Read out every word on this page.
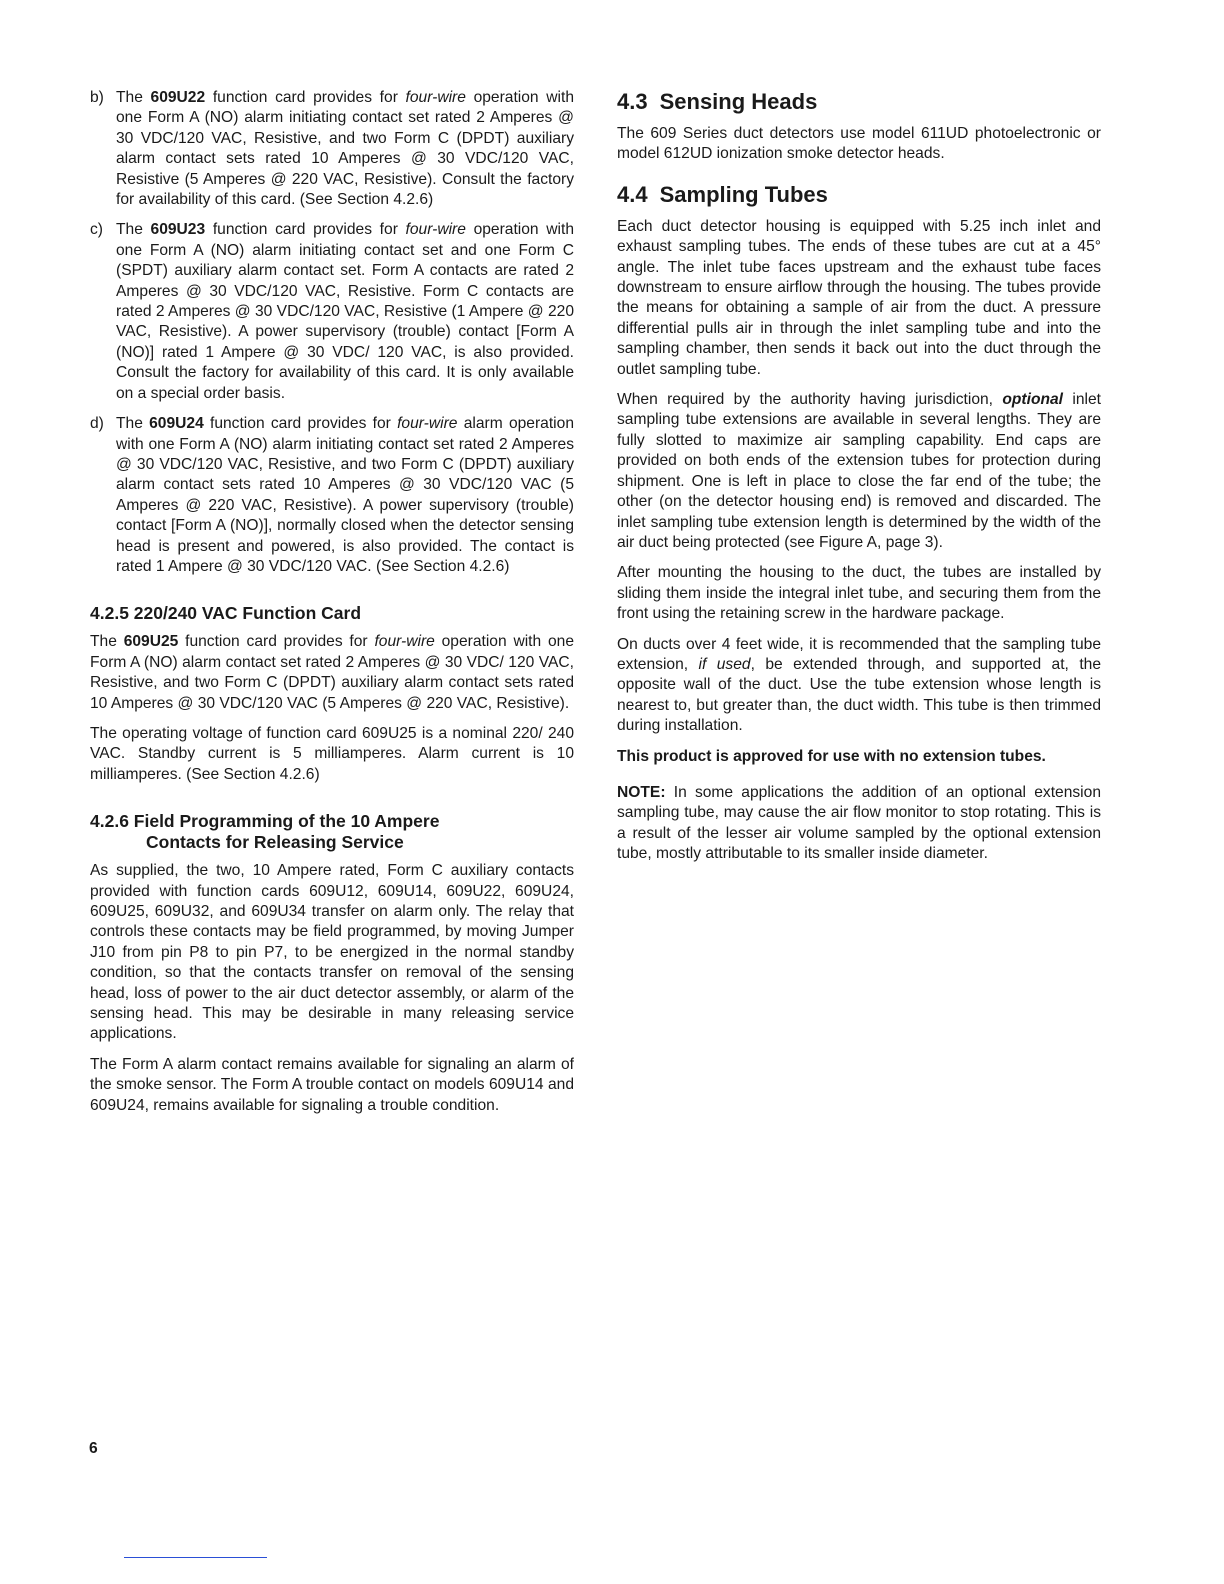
b) The 609U22 function card provides for four-wire operation with one Form A (NO) alarm initiating contact set rated 2 Amperes @ 30 VDC/120 VAC, Resistive, and two Form C (DPDT) auxiliary alarm contact sets rated 10 Amperes @ 30 VDC/120 VAC, Resistive (5 Amperes @ 220 VAC, Resistive). Consult the factory for availability of this card. (See Section 4.2.6)
c) The 609U23 function card provides for four-wire operation with one Form A (NO) alarm initiating contact set and one Form C (SPDT) auxiliary alarm contact set. Form A contacts are rated 2 Amperes @ 30 VDC/120 VAC, Resistive. Form C contacts are rated 2 Amperes @ 30 VDC/120 VAC, Resistive (1 Ampere @ 220 VAC, Resistive). A power supervisory (trouble) contact [Form A (NO)] rated 1 Ampere @ 30 VDC/ 120 VAC, is also provided. Consult the factory for availability of this card. It is only available on a special order basis.
d) The 609U24 function card provides for four-wire alarm operation with one Form A (NO) alarm initiating contact set rated 2 Amperes @ 30 VDC/120 VAC, Resistive, and two Form C (DPDT) auxiliary alarm contact sets rated 10 Amperes @ 30 VDC/120 VAC (5 Amperes @ 220 VAC, Resistive). A power supervisory (trouble) contact [Form A (NO)], normally closed when the detector sensing head is present and powered, is also provided. The contact is rated 1 Ampere @ 30 VDC/120 VAC. (See Section 4.2.6)
4.2.5 220/240 VAC Function Card

The 609U25 function card provides for four-wire operation with one Form A (NO) alarm contact set rated 2 Amperes @ 30 VDC/ 120 VAC, Resistive, and two Form C (DPDT) auxiliary alarm contact sets rated 10 Amperes @ 30 VDC/120 VAC (5 Amperes @ 220 VAC, Resistive).

The operating voltage of function card 609U25 is a nominal 220/ 240 VAC. Standby current is 5 milliamperes. Alarm current is 10 milliamperes. (See Section 4.2.6)

4.2.6 Field Programming of the 10 Ampere
Contacts for Releasing Service

As supplied, the two, 10 Ampere rated, Form C auxiliary contacts provided with function cards 609U12, 609U14, 609U22, 609U24, 609U25, 609U32, and 609U34 transfer on alarm only. The relay that controls these contacts may be field programmed, by moving Jumper J10 from pin P8 to pin P7, to be energized in the normal standby condition, so that the contacts transfer on removal of the sensing head, loss of power to the air duct detector assembly, or alarm of the sensing head. This may be desirable in many releasing service applications.

The Form A alarm contact remains available for signaling an alarm of the smoke sensor. The Form A trouble contact on models 609U14 and 609U24, remains available for signaling a trouble condition.

4.3 Sensing Heads

The 609 Series duct detectors use model 611UD photoelectronic or model 612UD ionization smoke detector heads.

4.4 Sampling Tubes

Each duct detector housing is equipped with 5.25 inch inlet and exhaust sampling tubes. The ends of these tubes are cut at a 45° angle. The inlet tube faces upstream and the exhaust tube faces downstream to ensure airflow through the housing. The tubes provide the means for obtaining a sample of air from the duct. A pressure differential pulls air in through the inlet sampling tube and into the sampling chamber, then sends it back out into the duct through the outlet sampling tube.

When required by the authority having jurisdiction, optional inlet sampling tube extensions are available in several lengths. They are fully slotted to maximize air sampling capability. End caps are provided on both ends of the extension tubes for protection during shipment. One is left in place to close the far end of the tube; the other (on the detector housing end) is removed and discarded. The inlet sampling tube extension length is determined by the width of the air duct being protected (see Figure A, page 3).

After mounting the housing to the duct, the tubes are installed by sliding them inside the integral inlet tube, and securing them from the front using the retaining screw in the hardware package.

On ducts over 4 feet wide, it is recommended that the sampling tube extension, if used, be extended through, and supported at, the opposite wall of the duct. Use the tube extension whose length is nearest to, but greater than, the duct width. This tube is then trimmed during installation.

This product is approved for use with no extension tubes.

NOTE: In some applications the addition of an optional extension sampling tube, may cause the air flow monitor to stop rotating. This is a result of the lesser air volume sampled by the optional extension tube, mostly attributable to its smaller inside diameter.

6
